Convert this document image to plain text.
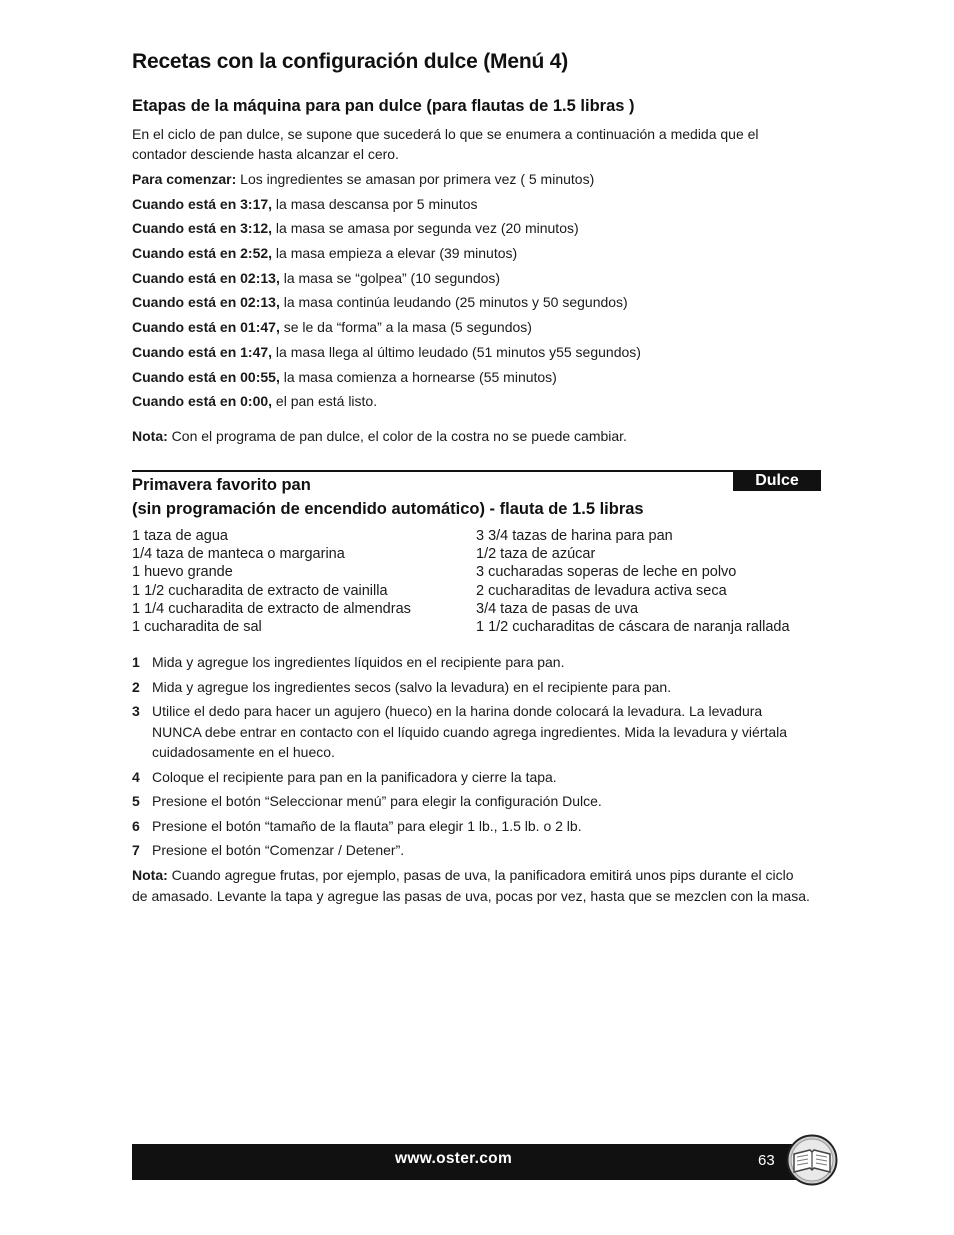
Recetas con la configuración dulce (Menú 4)
Etapas de la máquina para pan dulce (para flautas de 1.5 libras )

En el ciclo de pan dulce, se supone que sucederá lo que se enumera a continuación a medida que el contador desciende hasta alcanzar el cero.

Para comenzar: Los ingredientes se amasan por primera vez ( 5 minutos)
Cuando está en 3:17, la masa descansa por 5 minutos
Cuando está en 3:12, la masa se amasa por segunda vez (20 minutos)
Cuando está en 2:52, la masa empieza a elevar (39 minutos)
Cuando está en 02:13, la masa se “golpea” (10 segundos)
Cuando está en 02:13, la masa continúa leudando (25 minutos y 50 segundos)
Cuando está en 01:47, se le da “forma” a la masa (5 segundos)
Cuando está en 1:47, la masa llega al último leudado (51 minutos y55 segundos)
Cuando está en 00:55, la masa comienza a hornearse (55 minutos)
Cuando está en 0:00, el pan está listo.

Nota: Con el programa de pan dulce, el color de la costra no se puede cambiar.

Dulce
Primavera favorito pan
(sin programación de encendido automático) - flauta de 1.5 libras
1 taza de agua
1/4 taza de manteca o margarina
1 huevo grande
1 1/2 cucharadita de extracto de vainilla
1 1/4 cucharadita de extracto de almendras
1 cucharadita de sal
3 3/4 tazas de harina para pan
1/2 taza de azúcar
3 cucharadas soperas de leche en polvo
2 cucharaditas de levadura activa seca
3/4 taza de pasas de uva
1 1/2 cucharaditas de cáscara de naranja rallada
1 Mida y agregue los ingredientes líquidos en el recipiente para pan.
2 Mida y agregue los ingredientes secos (salvo la levadura) en el recipiente para pan.
3 Utilice el dedo para hacer un agujero (hueco) en la harina donde colocará la levadura. La levadura NUNCA debe entrar en contacto con el líquido cuando agrega ingredientes. Mida la levadura y viértala cuidadosamente en el hueco.
4 Coloque el recipiente para pan en la panificadora y cierre la tapa.
5 Presione el botón “Seleccionar menú” para elegir la configuración Dulce.
6 Presione el botón “tamaño de la flauta” para elegir 1 lb., 1.5 lb. o 2 lb.
7 Presione el botón “Comenzar / Detener”.

Nota: Cuando agregue frutas, por ejemplo, pasas de uva, la panificadora emitirá unos pips durante el ciclo de amasado. Levante la tapa y agregue las pasas de uva, pocas por vez, hasta que se mezclen con la masa.

www.oster.com	63
